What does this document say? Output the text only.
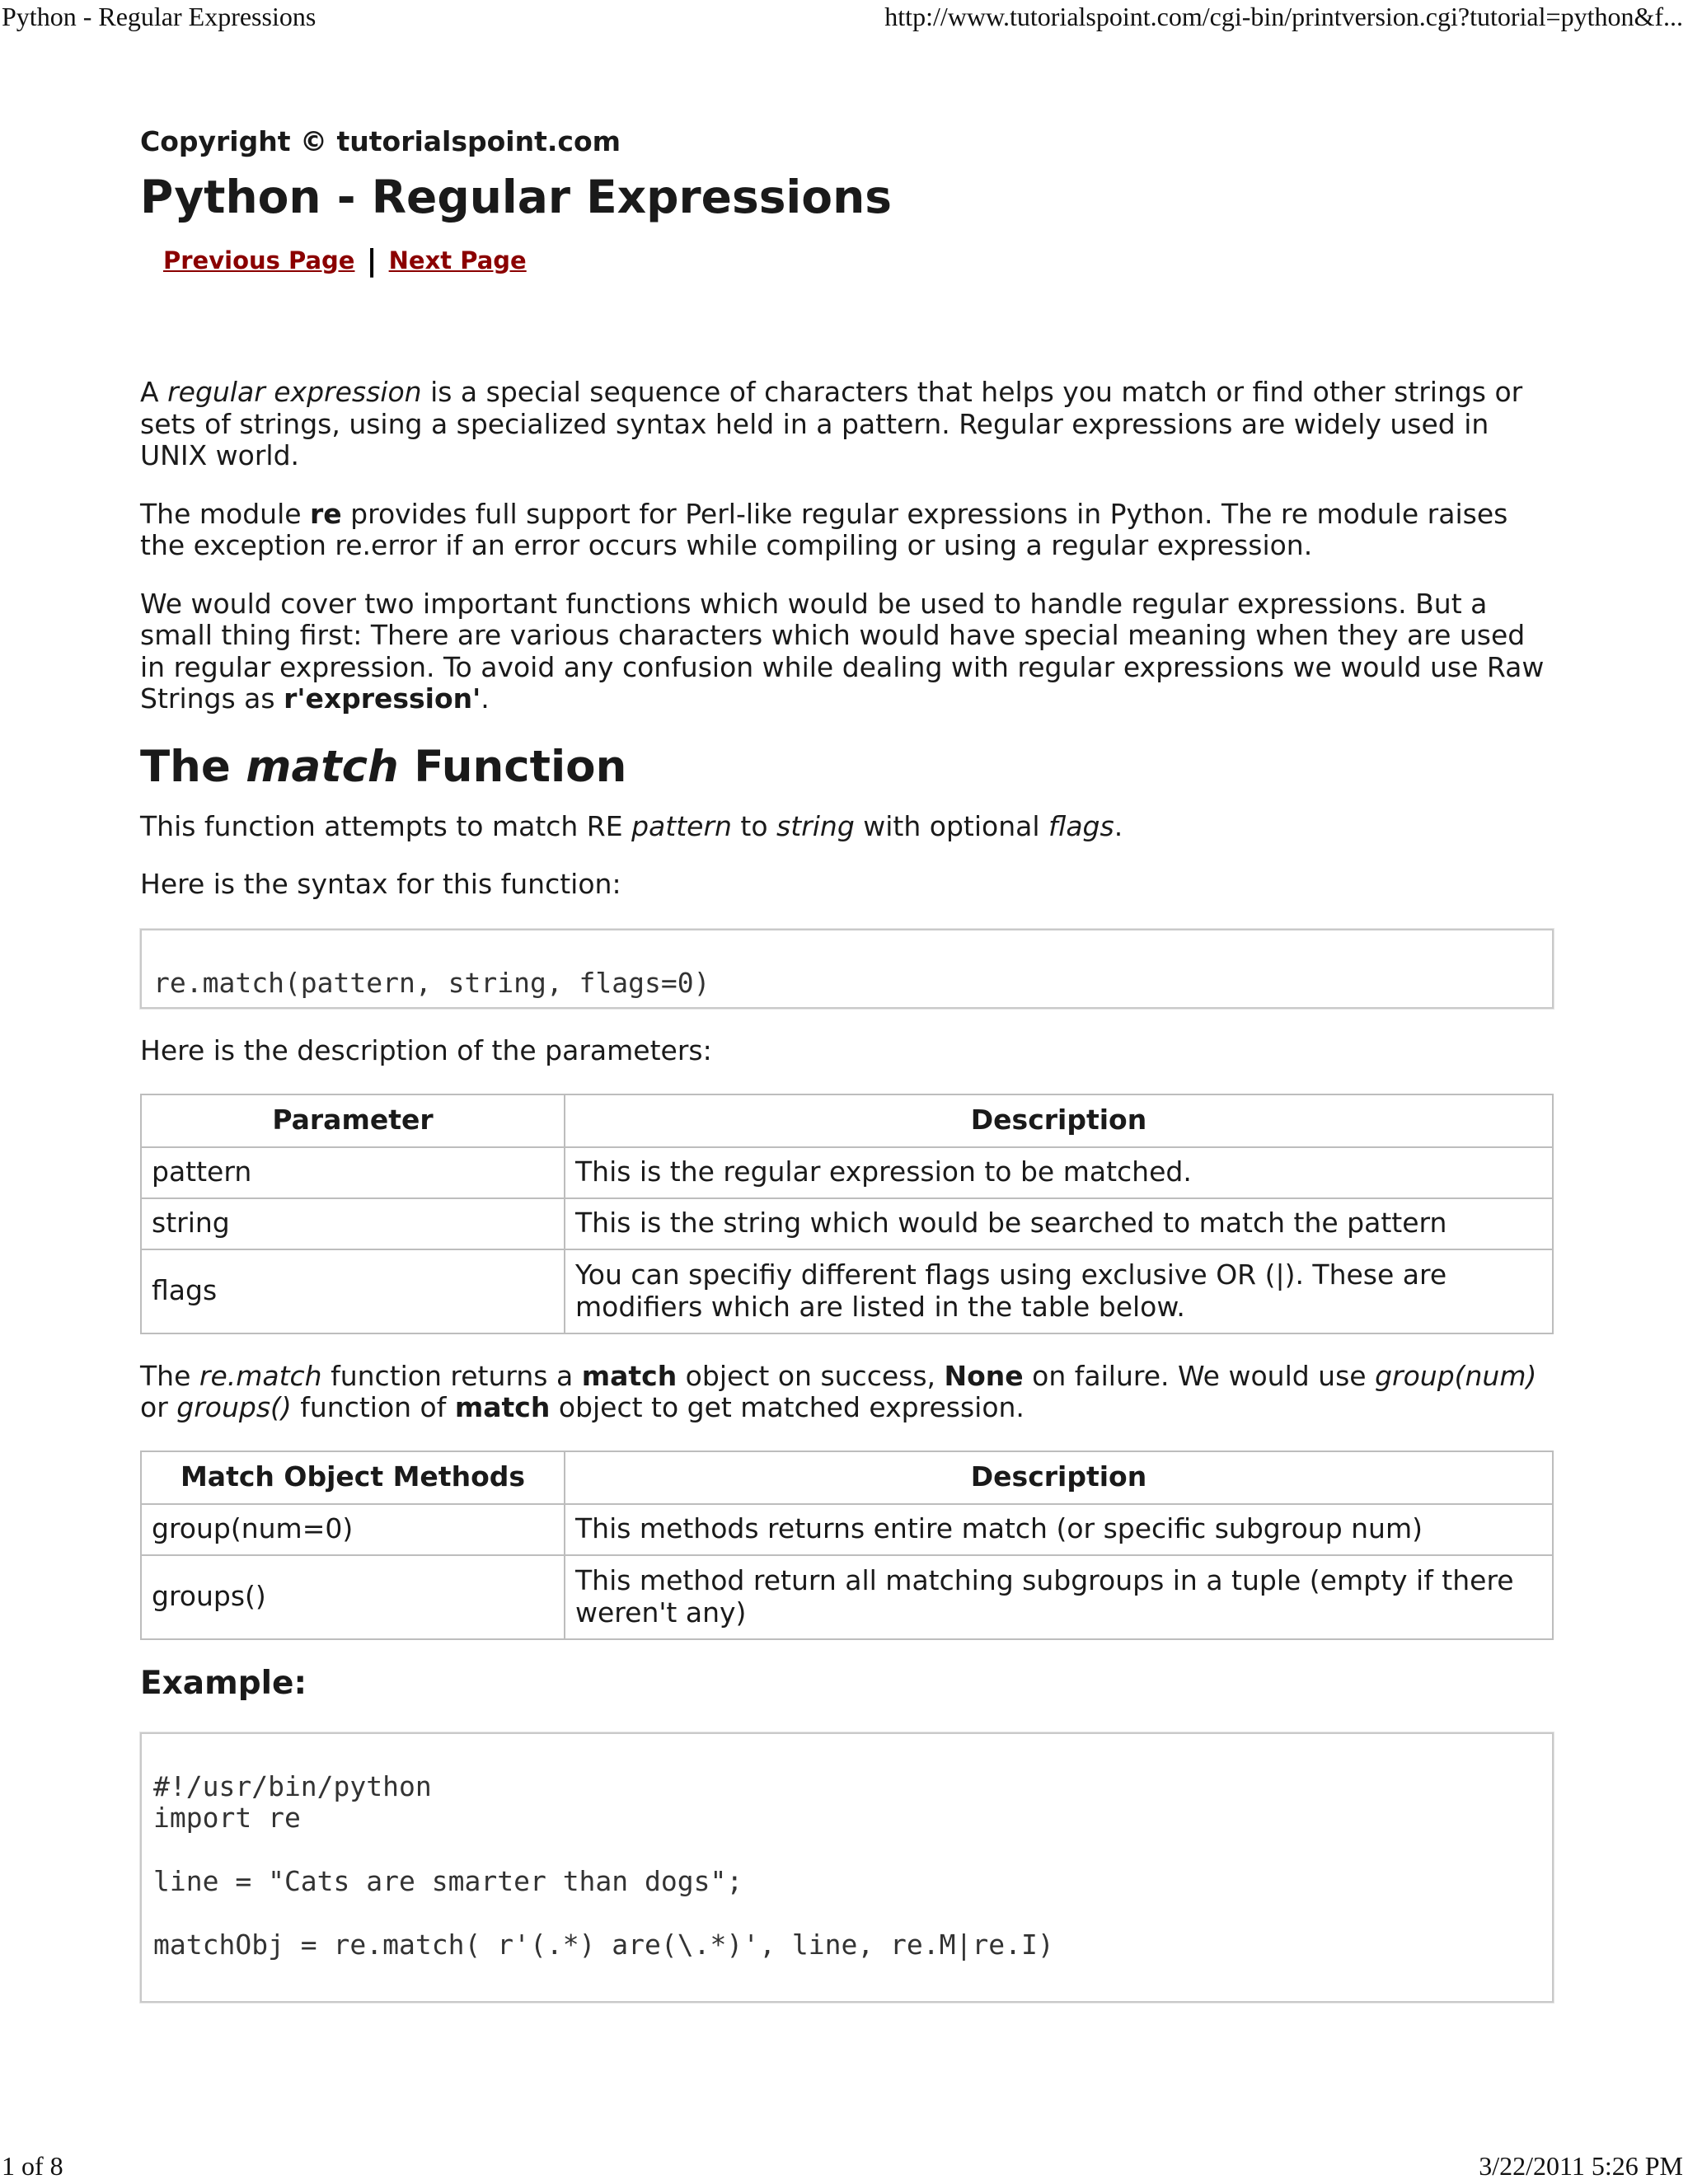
Python - Regular Expressions	http://www.tutorialspoint.com/cgi-bin/printversion.cgi?tutorial=python&f...

Copyright © tutorialspoint.com

Python - Regular Expressions
Previous Page | Next Page

A regular expression is a special sequence of characters that helps you match or find other strings or sets of strings, using a specialized syntax held in a pattern. Regular expressions are widely used in UNIX world.

The module re provides full support for Perl-like regular expressions in Python. The re module raises the exception re.error if an error occurs while compiling or using a regular expression.

We would cover two important functions which would be used to handle regular expressions. But a small thing first: There are various characters which would have special meaning when they are used in regular expression. To avoid any confusion while dealing with regular expressions we would use Raw Strings as r'expression'.

The match Function

This function attempts to match RE pattern to string with optional flags.

Here is the syntax for this function:

re.match(pattern, string, flags=0)

Here is the description of the parameters:

Parameter	Description
pattern	This is the regular expression to be matched.
string	This is the string which would be searched to match the pattern
flags	You can specifiy different flags using exclusive OR (|). These are modifiers which are listed in the table below.

The re.match function returns a match object on success, None on failure. We would use group(num) or groups() function of match object to get matched expression.

Match Object Methods	Description
group(num=0)	This methods returns entire match (or specific subgroup num)
groups()	This method return all matching subgroups in a tuple (empty if there weren't any)
Example:
#!/usr/bin/python
import re

line = "Cats are smarter than dogs";

matchObj = re.match( r'(.*) are(\.*)', line, re.M|re.I)
1 of 8	3/22/2011 5:26 PM
